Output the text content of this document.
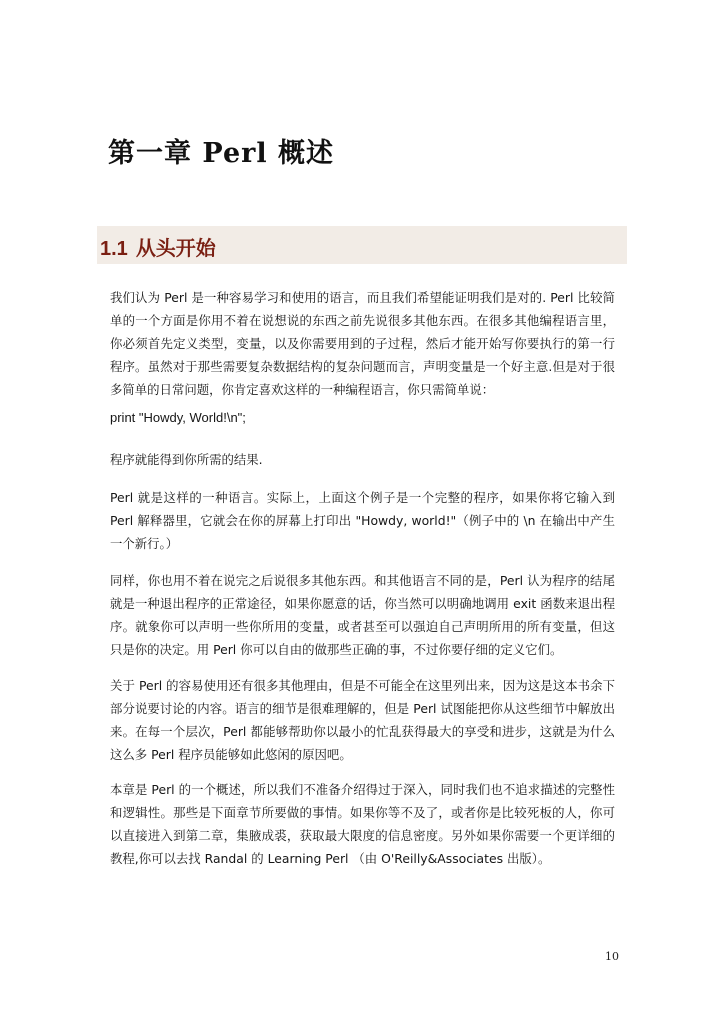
第一章 Perl 概述
1.1 从头开始

我们认为 Perl 是一种容易学习和使用的语言，而且我们希望能证明我们是对的. Perl 比较简单的一个方面是你用不着在说想说的东西之前先说很多其他东西。在很多其他编程语言里，你必须首先定义类型，变量，以及你需要用到的子过程，然后才能开始写你要执行的第一行程序。虽然对于那些需要复杂数据结构的复杂问题而言，声明变量是一个好主意.但是对于很多简单的日常问题，你肯定喜欢这样的一种编程语言，你只需简单说：

print "Howdy, World!\n";

程序就能得到你所需的结果.

Perl 就是这样的一种语言。实际上，上面这个例子是一个完整的程序，如果你将它输入到 Perl 解释器里，它就会在你的屏幕上打印出 "Howdy, world!"（例子中的 \n 在输出中产生一个新行。）

同样，你也用不着在说完之后说很多其他东西。和其他语言不同的是，Perl 认为程序的结尾就是一种退出程序的正常途径，如果你愿意的话，你当然可以明确地调用 exit 函数来退出程序。就象你可以声明一些你所用的变量，或者甚至可以强迫自己声明所用的所有变量，但这只是你的决定。用 Perl 你可以自由的做那些正确的事，不过你要仔细的定义它们。

关于 Perl 的容易使用还有很多其他理由，但是不可能全在这里列出来，因为这是这本书余下部分说要讨论的内容。语言的细节是很难理解的，但是 Perl 试图能把你从这些细节中解放出来。在每一个层次，Perl 都能够帮助你以最小的忙乱获得最大的享受和进步，这就是为什么这么多 Perl 程序员能够如此悠闲的原因吧。

本章是 Perl 的一个概述，所以我们不准备介绍得过于深入，同时我们也不追求描述的完整性和逻辑性。那些是下面章节所要做的事情。如果你等不及了，或者你是比较死板的人，你可以直接进入到第二章，集腋成裘，获取最大限度的信息密度。另外如果你需要一个更详细的教程,你可以去找 Randal 的 Learning Perl （由 O'Reilly&Associates 出版）。

10
